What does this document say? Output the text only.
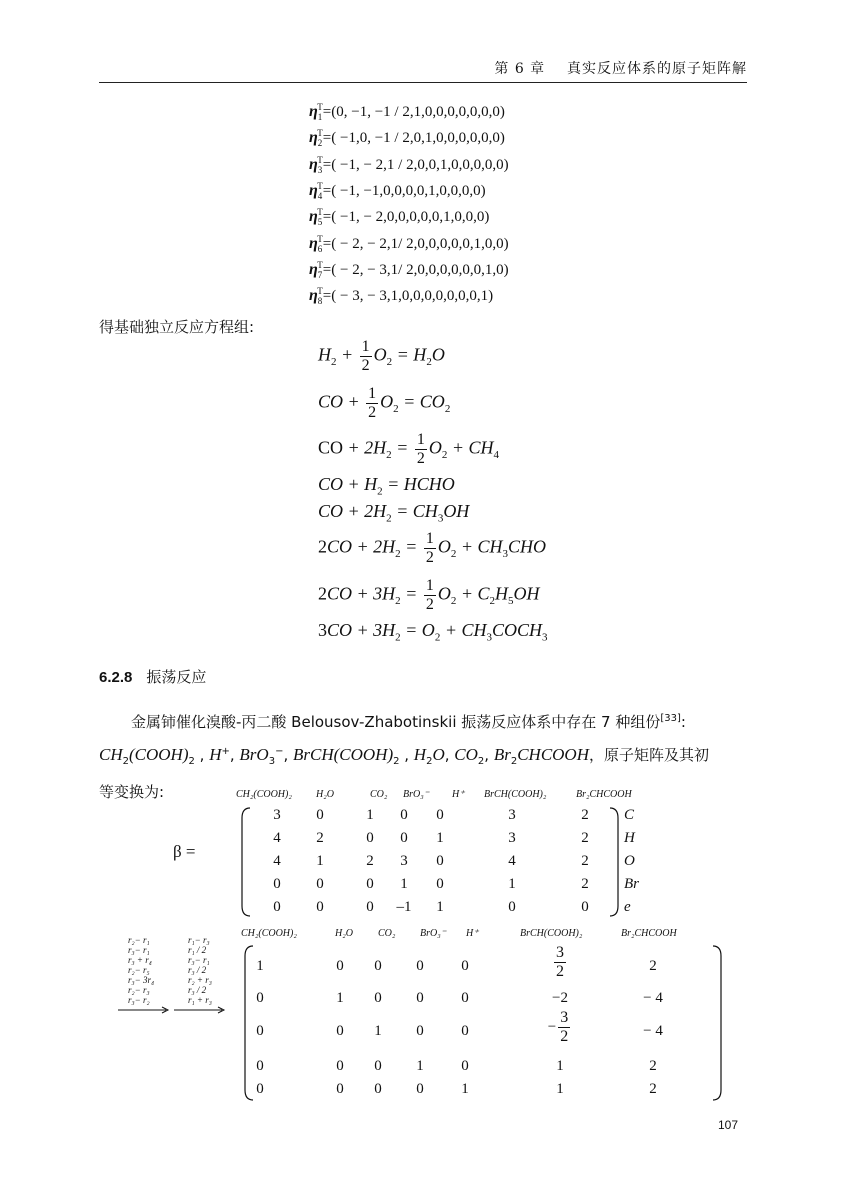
第 6 章 真实反应体系的原子矩阵解
$\eta_1^T=(0$, −1, −1 / 2,1,0,0,0,0,0,0,0)
$\eta_2^T=( -1,0$, −1 / 2,0,1,0,0,0,0,0,0)
$\eta_3^T=( -1$, − 2,1 / 2,0,0,1,0,0,0,0,0)
$\eta_4^T=( -1$, −1,0,0,0,0,1,0,0,0,0)
$\eta_5^T=( -1$, − 2,0,0,0,0,0,1,0,0,0)
$\eta_6^T=( - 2$, − 2,1/ 2,0,0,0,0,0,1,0,0)
$\eta_7^T=( - 2$, − 3,1/ 2,0,0,0,0,0,0,1,0)
$\eta_8^T=( - 3$, − 3,1,0,0,0,0,0,0,0,1)
得基础独立反应方程组:
$H_2 + \frac{1}{2} O_2 = H_2O$
CO + $\frac{1}{2} O_2 = CO_2$
CO + $2H_2 = \frac{1}{2} O_2 + CH_4$
CO + $H_2$ = HCHO
CO + $2H_2 = CH_3OH$
$2CO + 2H_2 = \frac{1}{2} O_2 + CH_3CHO$
$2CO + 3H_2 = \frac{1}{2} O_2 + C_2H_5OH$
$3CO + 3H_2 = O_2$ + $CH_3COCH_3$
6.2.8 振荡反应
金属铈催化溴酸-丙二酸 Belousov-Zhabotinskii 振荡反应体系中存在 7 种组份[33]:
$CH_2(COOH)_2$ , H+, BrO$_3$−, $BrCH(COOH)_2$ , $H_2O$, $CO_2$, $Br_2CHCOOH$，原子矩阵及其初
等变换为:
β =
CH₂(COOH)₂ H₂O	CO₂ BrO₃⁻ H⁺ BrCH(COOH)₂	Br₂CHCOOH
3	0	1	0	0	3	2	C
4	2	0	0	1	3	2	H
4	1	2	3	0	4	2	O
0	0	0	1	0	1	2	Br
0	0	0	–1	1	0	0	e
r₂− r₁
r₃− r₁
r₃ + r₄
r₂− r₅
r₃− 3r₄
r₂− r₃
r₃− r₂
r₁− r₃
r₁ / 2
r₃− r₁
r₃ / 2
r₂ + r₃
r₃ / 2
r₁ + r₃
CH₂(COOH)₂	H₂O	CO₂ BrO₃⁻ H⁺	BrCH(COOH)₂	Br₂CHCOOH
1	0	0	0	0	$\frac{3}{2}$	2
0	1	0	0	0	−2	− 4
0	0	1	0	0	− $\frac{3}{2}$	− 4
0	0	0	1	0	1	2
0	0	0	0	1	1	2
107
